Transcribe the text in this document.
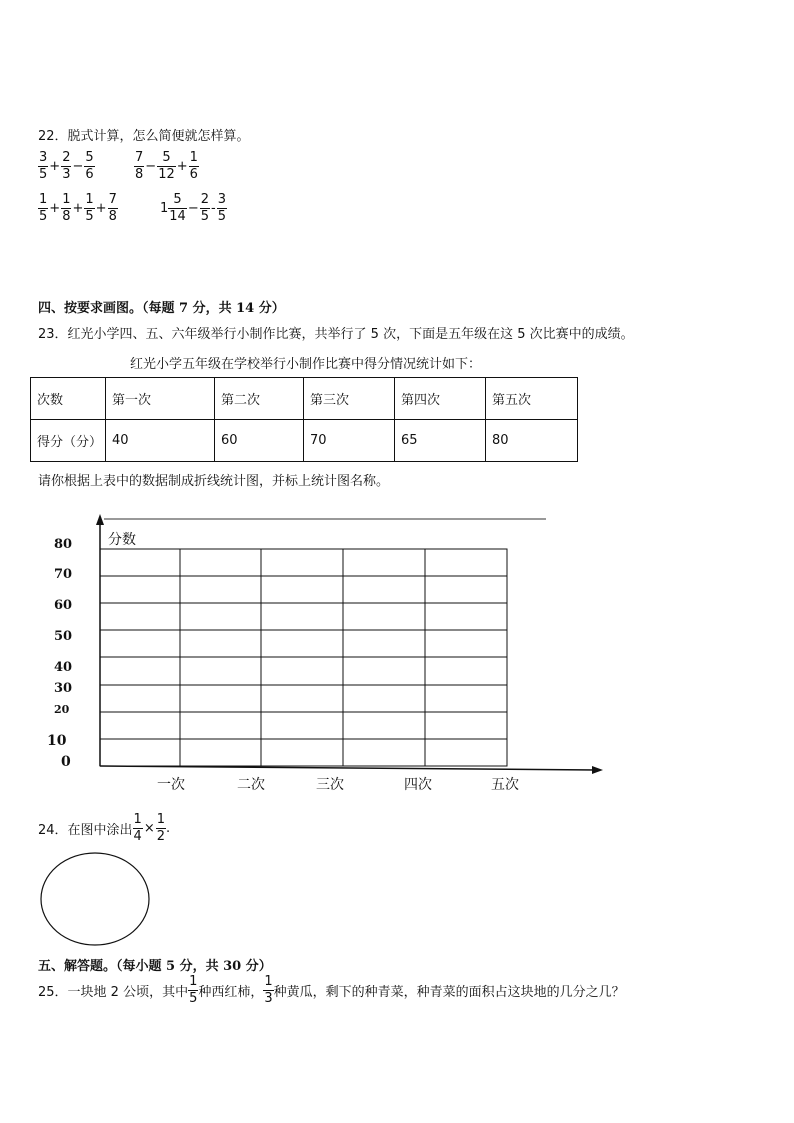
22．脱式计算，怎么简便就怎样算。
$\frac{3}{5} + \frac{2}{3} - \frac{5}{6}$	$\frac{7}{8} - \frac{5}{12} + \frac{1}{6}$
$\frac{1}{5} + \frac{1}{8} + \frac{1}{5} + \frac{7}{8}$	$1 \frac{5}{14} - \frac{2}{5} - \frac{3}{5}$
四、按要求画图。（每题 7 分，共 14 分）
23．红光小学四、五、六年级举行小制作比赛，共举行了 5 次，下面是五年级在这 5 次比赛中的成绩。
红光小学五年级在学校举行小制作比赛中得分情况统计如下：
次数	第一次	第二次	第三次	第四次	第五次
得分（分）	40	60	70	65	80
请你根据上表中的数据制成折线统计图，并标上统计图名称。
分数
80
70
60
50
40
30
20
10
0
一次	二次	三次	四次	五次
24．在图中涂出 $\frac{1}{4} \times \frac{1}{2}$ .
五、解答题。（每小题 5 分，共 30 分）
25．一块地 2 公顷，其中 $\frac{1}{5}$ 种西红柿， $\frac{1}{3}$ 种黄瓜，剩下的种青菜，种青菜的面积占这块地的几分之几？
